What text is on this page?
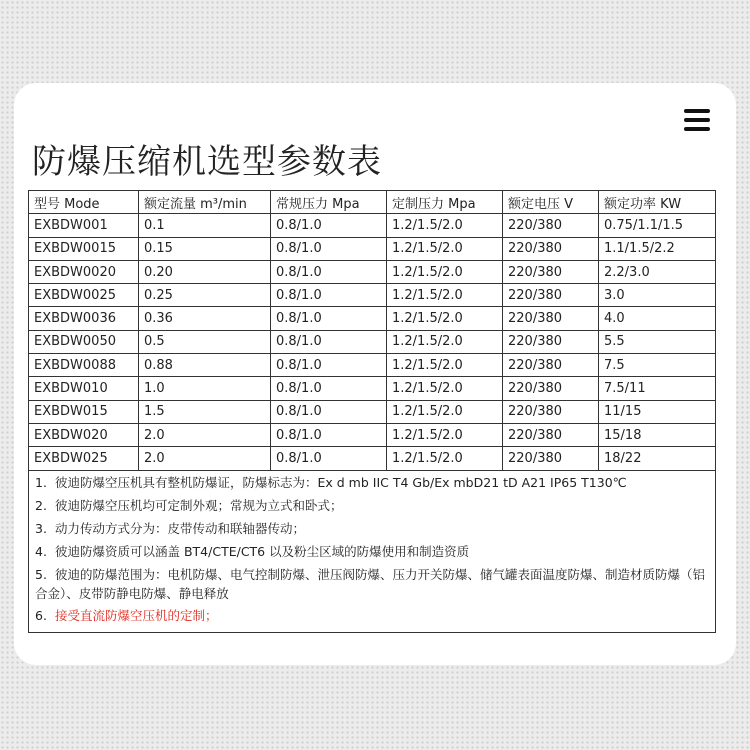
防爆压缩机选型参数表
型号 Mode	额定流量 m³/min	常规压力 Mpa	定制压力 Mpa	额定电压 V	额定功率 KW
EXBDW001	0.1	0.8/1.0	1.2/1.5/2.0	220/380	0.75/1.1/1.5
EXBDW0015	0.15	0.8/1.0	1.2/1.5/2.0	220/380	1.1/1.5/2.2
EXBDW0020	0.20	0.8/1.0	1.2/1.5/2.0	220/380	2.2/3.0
EXBDW0025	0.25	0.8/1.0	1.2/1.5/2.0	220/380	3.0
EXBDW0036	0.36	0.8/1.0	1.2/1.5/2.0	220/380	4.0
EXBDW0050	0.5	0.8/1.0	1.2/1.5/2.0	220/380	5.5
EXBDW0088	0.88	0.8/1.0	1.2/1.5/2.0	220/380	7.5
EXBDW010	1.0	0.8/1.0	1.2/1.5/2.0	220/380	7.5/11
EXBDW015	1.5	0.8/1.0	1.2/1.5/2.0	220/380	11/15
EXBDW020	2.0	0.8/1.0	1.2/1.5/2.0	220/380	15/18
EXBDW025	2.0	0.8/1.0	1.2/1.5/2.0	220/380	18/22
1. 彼迪防爆空压机具有整机防爆证，防爆标志为：Ex d mb IIC T4 Gb/Ex mbD21 tD A21 IP65 T130℃
2. 彼迪防爆空压机均可定制外观；常规为立式和卧式；
3. 动力传动方式分为：皮带传动和联轴器传动；
4. 彼迪防爆资质可以涵盖 BT4/CTE/CT6 以及粉尘区域的防爆使用和制造资质
5. 彼迪的防爆范围为：电机防爆、电气控制防爆、泄压阀防爆、压力开关防爆、储气罐表面温度防爆、制造材质防爆（铝合金）、皮带防静电防爆、静电释放
6. 接受直流防爆空压机的定制；
